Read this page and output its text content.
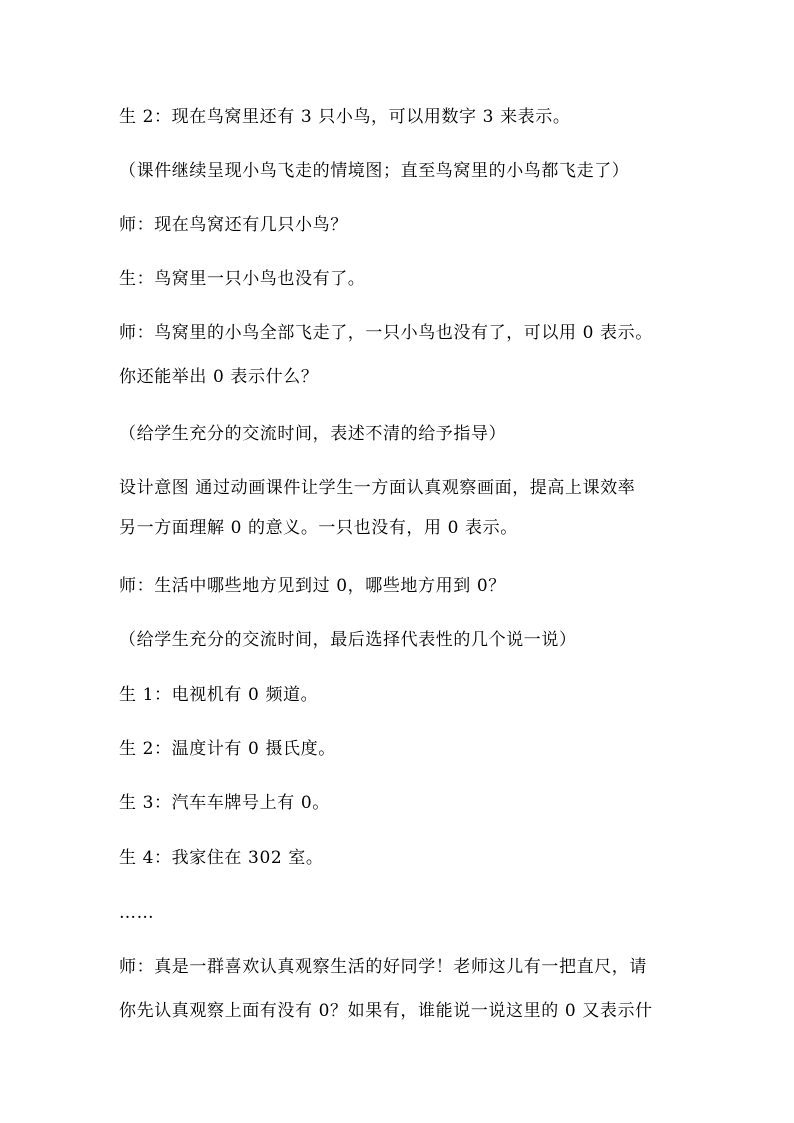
生 2：现在鸟窝里还有 3 只小鸟，可以用数字 3 来表示。
（课件继续呈现小鸟飞走的情境图；直至鸟窝里的小鸟都飞走了）
师：现在鸟窝还有几只小鸟？
生：鸟窝里一只小鸟也没有了。
师：鸟窝里的小鸟全部飞走了，一只小鸟也没有了，可以用 0 表示。
你还能举出 0 表示什么？
（给学生充分的交流时间，表述不清的给予指导）
设计意图 通过动画课件让学生一方面认真观察画面，提高上课效率
另一方面理解 0 的意义。一只也没有，用 0 表示。
师：生活中哪些地方见到过 0，哪些地方用到 0？
（给学生充分的交流时间，最后选择代表性的几个说一说）
生 1：电视机有 0 频道。
生 2：温度计有 0 摄氏度。
生 3：汽车车牌号上有 0。
生 4：我家住在 302 室。
……
师：真是一群喜欢认真观察生活的好同学！老师这儿有一把直尺，请
你先认真观察上面有没有 0？如果有，谁能说一说这里的 0 又表示什
